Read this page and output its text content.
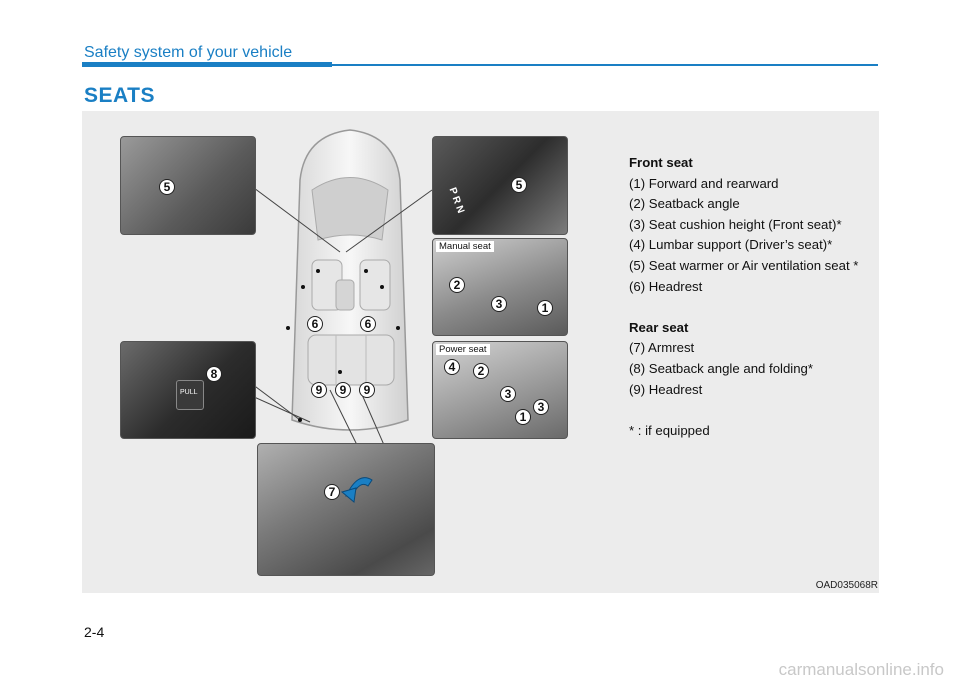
Safety system of your vehicle
SEATS
6	6
9	9	9
5	P R N
5
Manual seat
2
3	1
Power seat
4	2
3
3
1
PULL
8
7
Front seat
(1) Forward and rearward
(2) Seatback angle
(3) Seat cushion height (Front seat)*
(4) Lumbar support (Driver’s seat)*
(5) Seat warmer or Air ventilation seat *
(6) Headrest
Rear seat
(7) Armrest
(8) Seatback angle and folding*
(9) Headrest
* : if equipped
OAD035068R
2-4
carmanualsonline.info
